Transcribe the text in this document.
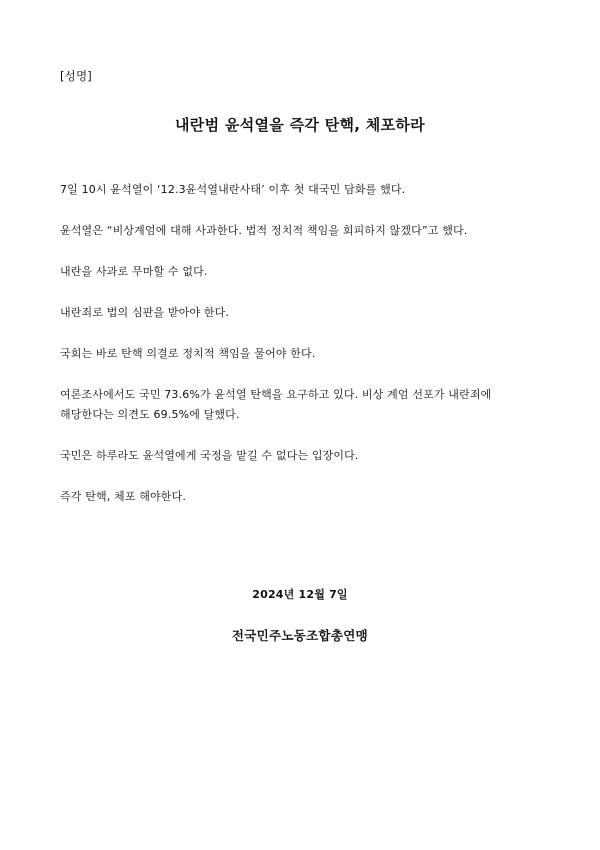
[성명]
내란범 윤석열을 즉각 탄핵, 체포하라

7일 10시 윤석열이 ‘12.3윤석열내란사태’ 이후 첫 대국민 담화를 했다.

윤석열은 “비상계엄에 대해 사과한다. 법적 정치적 책임을 회피하지 않겠다”고 했다.

내란을 사과로 무마할 수 없다.

내란죄로 법의 심판을 받아야 한다.

국회는 바로 탄핵 의결로 정치적 책임을 물어야 한다.

여론조사에서도 국민 73.6%가 윤석열 탄핵을 요구하고 있다. 비상 계엄 선포가 내란죄에
해당한다는 의견도 69.5%에 달했다.

국민은 하루라도 윤석열에게 국정을 맡길 수 없다는 입장이다.

즉각 탄핵, 체포 해야한다.

2024년 12월 7일
전국민주노동조합총연맹
